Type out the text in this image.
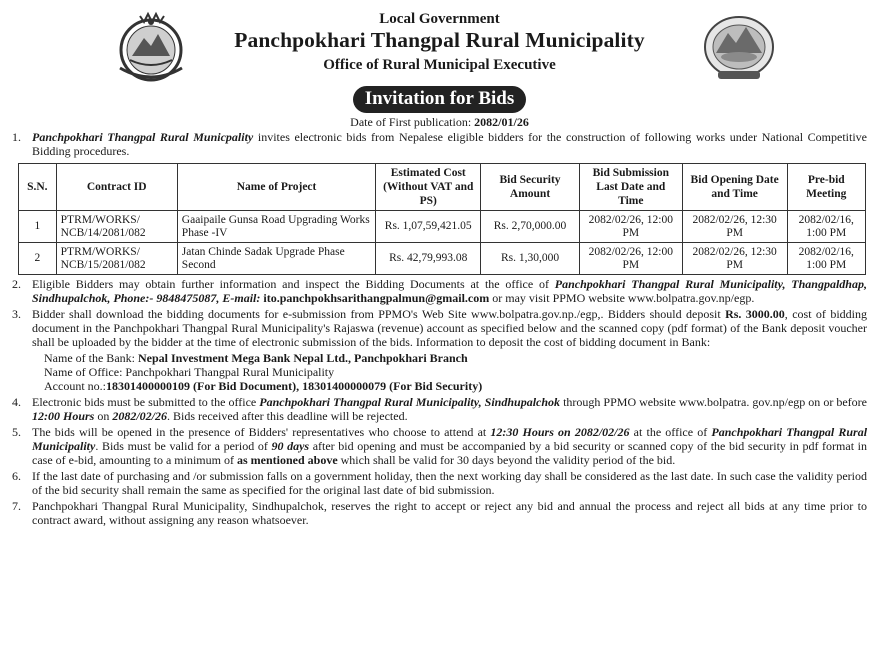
Local Government
Panchpokhari Thangpal Rural Municipality
Office of Rural Municipal Executive
Invitation for Bids
Date of First publication: 2082/01/26
1. Panchpokhari Thangpal Rural Municpality invites electronic bids from Nepalese eligible bidders for the construction of following works under National Competitive Bidding procedures.
S.N.	Contract ID	Name of Project	Estimated Cost (Without VAT and PS)	Bid Security Amount	Bid Submission Last Date and Time	Bid Opening Date and Time	Pre-bid Meeting
1	PTRM/WORKS/ NCB/14/2081/082	Gaaipaile Gunsa Road Upgrading Works Phase -IV	Rs. 1,07,59,421.05	Rs. 2,70,000.00	2082/02/26, 12:00 PM	2082/02/26, 12:30 PM	2082/02/16, 1:00 PM
2	PTRM/WORKS/ NCB/15/2081/082	Jatan Chinde Sadak Upgrade Phase Second	Rs. 42,79,993.08	Rs. 1,30,000	2082/02/26, 12:00 PM	2082/02/26, 12:30 PM	2082/02/16, 1:00 PM
2. Eligible Bidders may obtain further information and inspect the Bidding Documents at the office of Panchpokhari Thangpal Rural Municipality, Thangpaldhap, Sindhupalchok, Phone:- 9848475087, E-mail: ito.panchpokhsarithangpalmun@gmail.com or may visit PPMO website www.bolpatra.gov.np/egp.
3. Bidder shall download the bidding documents for e-submission from PPMO's Web Site www.bolpatra.gov.np./egp,. Bidders should deposit Rs. 3000.00, cost of bidding document in the Panchpokhari Thangpal Rural Municipality's Rajaswa (revenue) account as specified below and the scanned copy (pdf format) of the Bank deposit voucher shall be uploaded by the bidder at the time of electronic submission of the bids. Information to deposit the cost of bidding document in Bank:
Name of the Bank: Nepal Investment Mega Bank Nepal Ltd., Panchpokhari Branch
Name of Office: Panchpokhari Thangpal Rural Municipality
Account no.:18301400000109 (For Bid Document), 18301400000079 (For Bid Security)
4. Electronic bids must be submitted to the office Panchpokhari Thangpal Rural Municipality, Sindhupalchok through PPMO website www.bolpatra. gov.np/egp on or before 12:00 Hours on 2082/02/26. Bids received after this deadline will be rejected.
5. The bids will be opened in the presence of Bidders' representatives who choose to attend at 12:30 Hours on 2082/02/26 at the office of Panchpokhari Thangpal Rural Municipality. Bids must be valid for a period of 90 days after bid opening and must be accompanied by a bid security or scanned copy of the bid security in pdf format in case of e-bid, amounting to a minimum of as mentioned above which shall be valid for 30 days beyond the validity period of the bid.
6. If the last date of purchasing and /or submission falls on a government holiday, then the next working day shall be considered as the last date. In such case the validity period of the bid security shall remain the same as specified for the original last date of bid submission.
7. Panchpokhari Thangpal Rural Municipality, Sindhupalchok, reserves the right to accept or reject any bid and annual the process and reject all bids at any time prior to contract award, without assigning any reason whatsoever.
